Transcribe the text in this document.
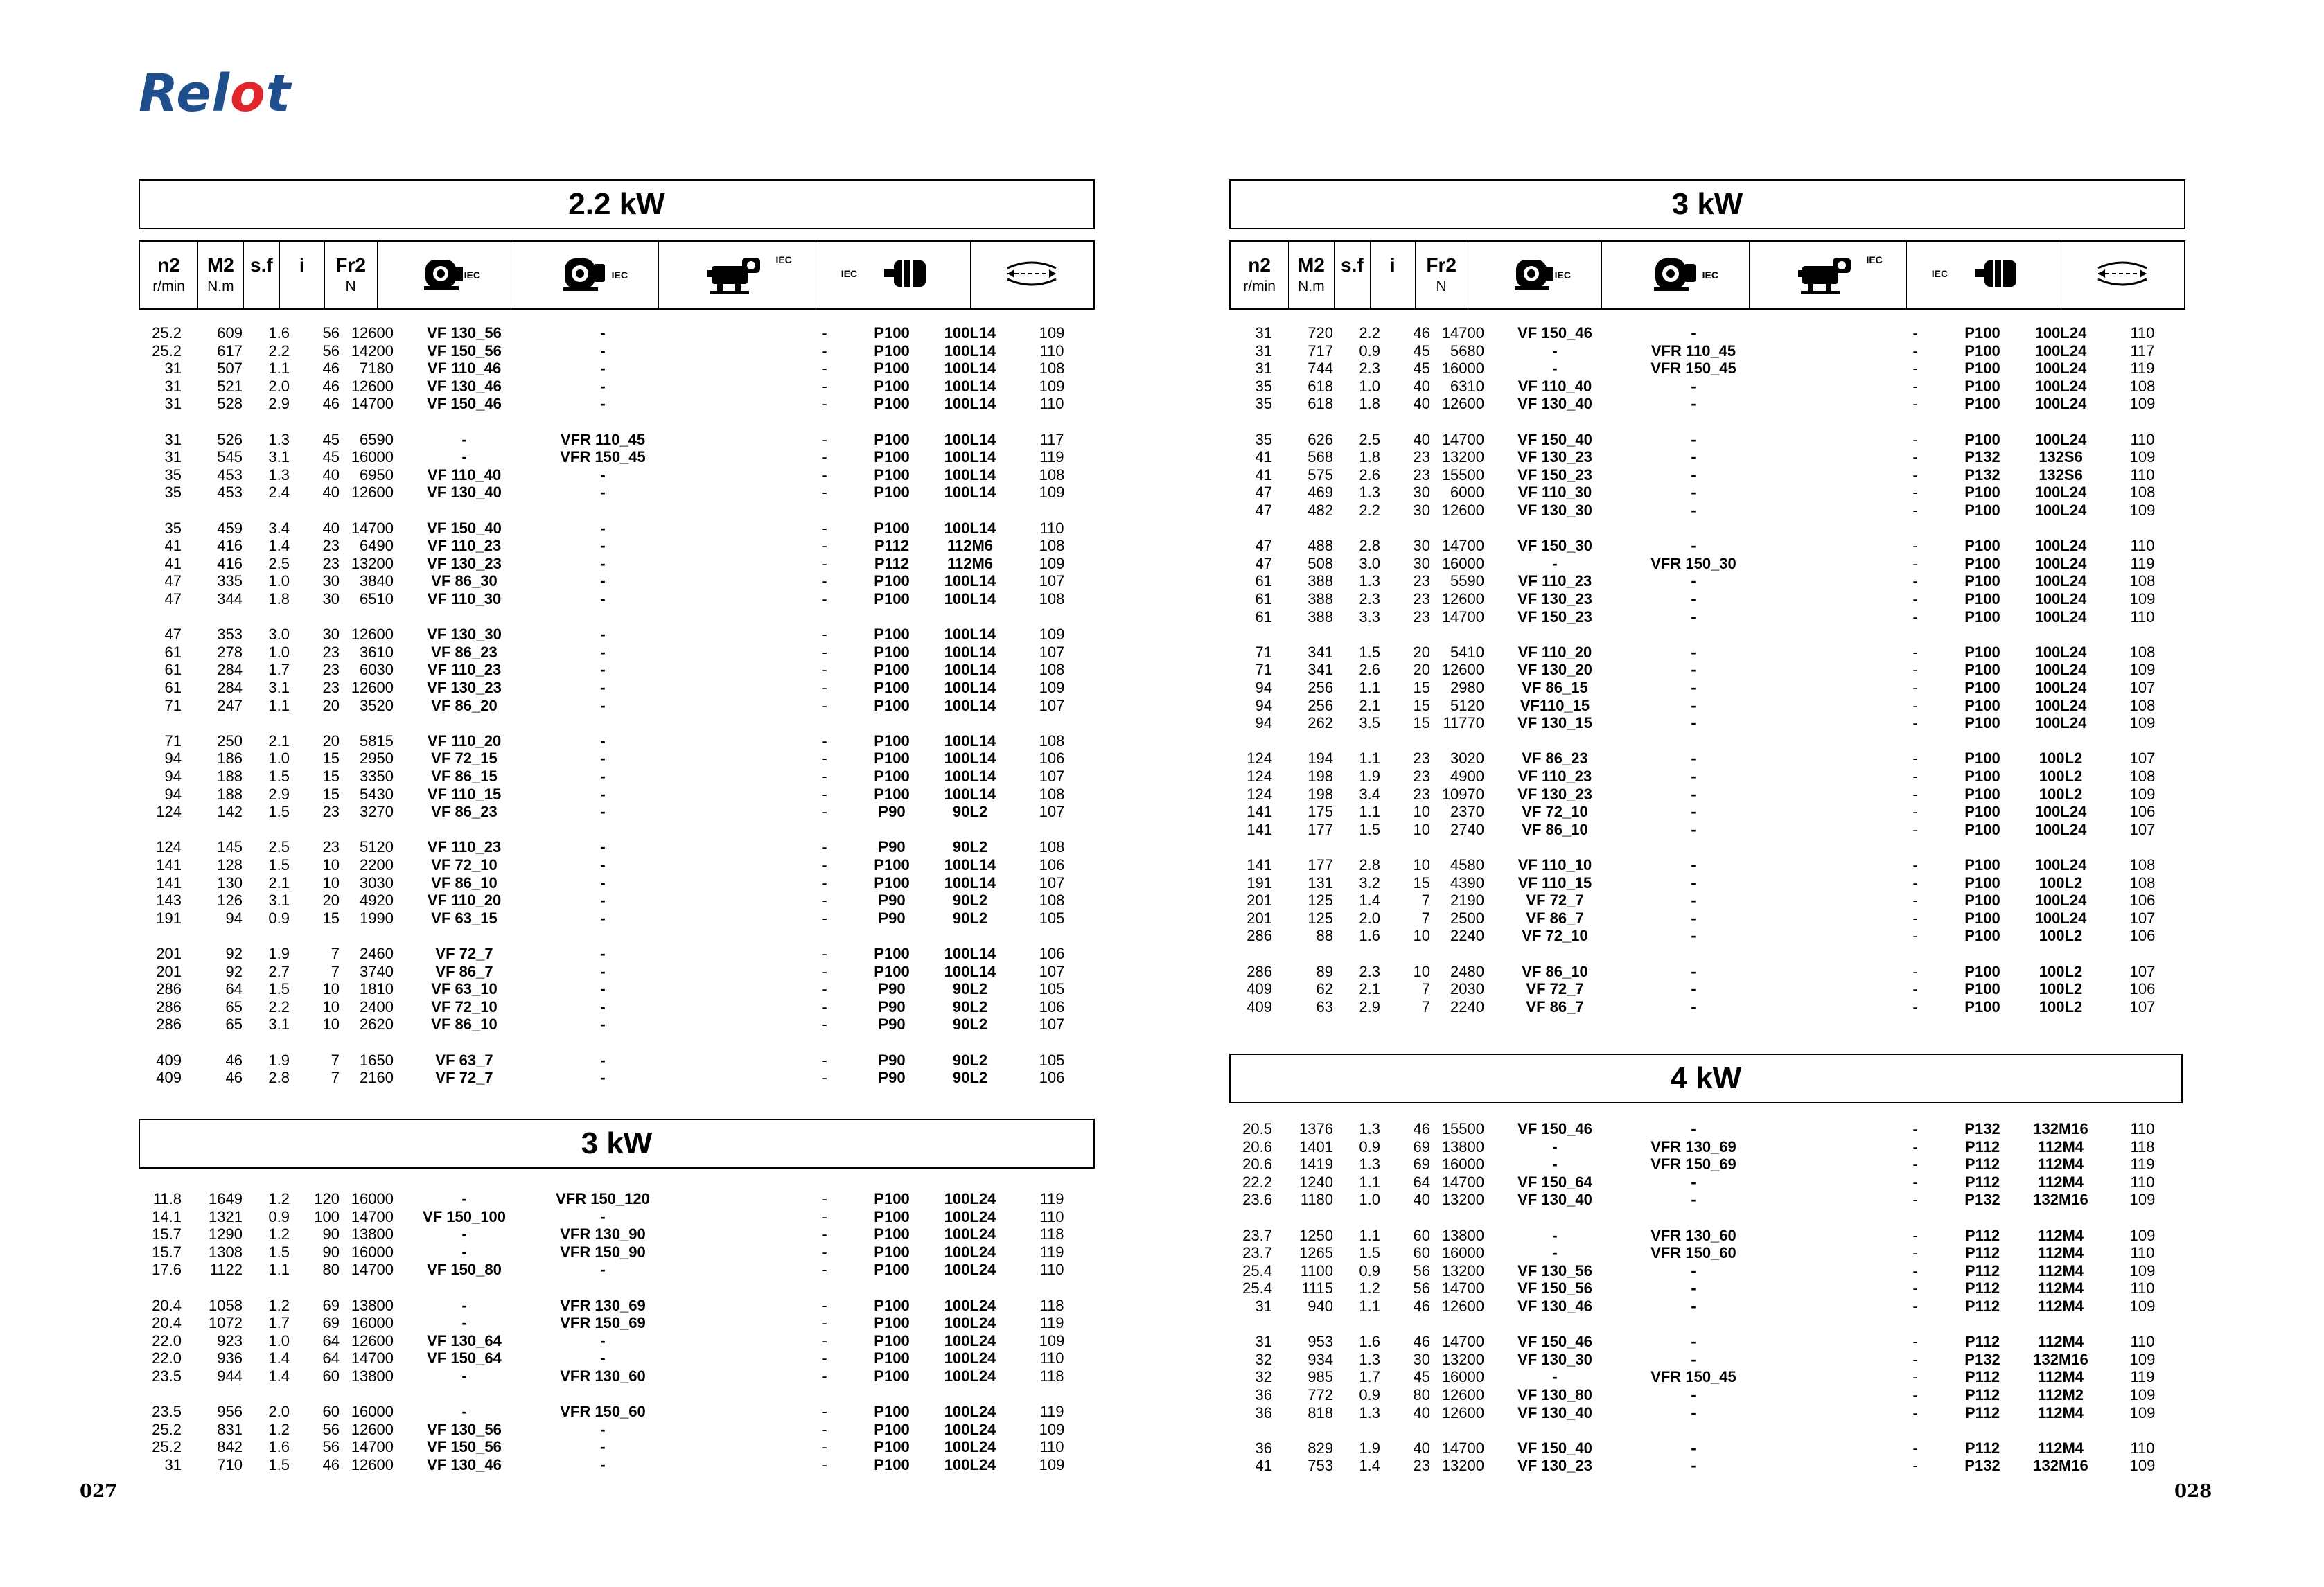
Relot
027	028
2.2 kW
3 kW
3 kW
4 kW
n2
r/min
M2
N.m
s.f
i
Fr2
N
IEC	IEC
IEC
IEC	n2
r/min
M2
N.m
s.f
i
Fr2
N
IEC	IEC
IEC
IEC
25.2	609	1.6	56 12600	VF 130_56	-	-	P100	100L14	109
25.2	617	2.2	56 14200	VF 150_56	-	-	P100	100L14	110
31	507	1.1	46	7180	VF 110_46	-	-	P100	100L14	108
31	521	2.0	46 12600	VF 130_46	-	-	P100	100L14	109
31	528	2.9	46 14700	VF 150_46	-	-	P100	100L14	110
31	526	1.3	45	6590	-	VFR 110_45	-	P100	100L14	117
31	545	3.1	45 16000	-	VFR 150_45	-	P100	100L14	119
35	453	1.3	40	6950	VF 110_40	-	-	P100	100L14	108
35	453	2.4	40 12600	VF 130_40	-	-	P100	100L14	109
35	459	3.4	40 14700	VF 150_40	-	-	P100	100L14	110
41	416	1.4	23	6490	VF 110_23	-	-	P112	112M6	108
41	416	2.5	23 13200	VF 130_23	-	-	P112	112M6	109
47	335	1.0	30	3840	VF 86_30	-	-	P100	100L14	107
47	344	1.8	30	6510	VF 110_30	-	-	P100	100L14	108
47	353	3.0	30 12600	VF 130_30	-	-	P100	100L14	109
61	278	1.0	23	3610	VF 86_23	-	-	P100	100L14	107
61	284	1.7	23	6030	VF 110_23	-	-	P100	100L14	108
61	284	3.1	23 12600	VF 130_23	-	-	P100	100L14	109
71	247	1.1	20	3520	VF 86_20	-	-	P100	100L14	107
71	250	2.1	20	5815	VF 110_20	-	-	P100	100L14	108
94	186	1.0	15	2950	VF 72_15	-	-	P100	100L14	106
94	188	1.5	15	3350	VF 86_15	-	-	P100	100L14	107
94	188	2.9	15	5430	VF 110_15	-	-	P100	100L14	108
124	142	1.5	23	3270	VF 86_23	-	-	P90	90L2	107
124	145	2.5	23	5120	VF 110_23	-	-	P90	90L2	108
141	128	1.5	10	2200	VF 72_10	-	-	P100	100L14	106
141	130	2.1	10	3030	VF 86_10	-	-	P100	100L14	107
143	126	3.1	20	4920	VF 110_20	-	-	P90	90L2	108
191	94	0.9	15	1990	VF 63_15	-	-	P90	90L2	105
201	92	1.9	7	2460	VF 72_7	-	-	P100	100L14	106
201	92	2.7	7	3740	VF 86_7	-	-	P100	100L14	107
286	64	1.5	10	1810	VF 63_10	-	-	P90	90L2	105
286	65	2.2	10	2400	VF 72_10	-	-	P90	90L2	106
286	65	3.1	10	2620	VF 86_10	-	-	P90	90L2	107
409	46	1.9	7	1650	VF 63_7	-	-	P90	90L2	105
409	46	2.8	7	2160	VF 72_7	-	-	P90	90L2	106
11.8	1649	1.2	120 16000	-	VFR 150_120	-	P100	100L24	119
14.1	1321	0.9	100 14700	VF 150_100	-	-	P100	100L24	110
15.7	1290	1.2	90 13800	-	VFR 130_90	-	P100	100L24	118
15.7	1308	1.5	90 16000	-	VFR 150_90	-	P100	100L24	119
17.6	1122	1.1	80 14700	VF 150_80	-	-	P100	100L24	110
20.4	1058	1.2	69 13800	-	VFR 130_69	-	P100	100L24	118
20.4	1072	1.7	69 16000	-	VFR 150_69	-	P100	100L24	119
22.0	923	1.0	64 12600	VF 130_64	-	-	P100	100L24	109
22.0	936	1.4	64 14700	VF 150_64	-	-	P100	100L24	110
23.5	944	1.4	60 13800	-	VFR 130_60	-	P100	100L24	118
23.5	956	2.0	60 16000	-	VFR 150_60	-	P100	100L24	119
25.2	831	1.2	56 12600	VF 130_56	-	-	P100	100L24	109
25.2	842	1.6	56 14700	VF 150_56	-	-	P100	100L24	110
31	710	1.5	46 12600	VF 130_46	-	-	P100	100L24	109
31	720	2.2	46 14700	VF 150_46	-	-	P100	100L24	110
31	717	0.9	45	5680	-	VFR 110_45	-	P100	100L24	117
31	744	2.3	45 16000	-	VFR 150_45	-	P100	100L24	119
35	618	1.0	40	6310	VF 110_40	-	-	P100	100L24	108
35	618	1.8	40 12600	VF 130_40	-	-	P100	100L24	109
35	626	2.5	40 14700	VF 150_40	-	-	P100	100L24	110
41	568	1.8	23 13200	VF 130_23	-	-	P132	132S6	109
41	575	2.6	23 15500	VF 150_23	-	-	P132	132S6	110
47	469	1.3	30	6000	VF 110_30	-	-	P100	100L24	108
47	482	2.2	30 12600	VF 130_30	-	-	P100	100L24	109
47	488	2.8	30 14700	VF 150_30	-	-	P100	100L24	110
47	508	3.0	30 16000	-	VFR 150_30	-	P100	100L24	119
61	388	1.3	23	5590	VF 110_23	-	-	P100	100L24	108
61	388	2.3	23 12600	VF 130_23	-	-	P100	100L24	109
61	388	3.3	23 14700	VF 150_23	-	-	P100	100L24	110
71	341	1.5	20	5410	VF 110_20	-	-	P100	100L24	108
71	341	2.6	20 12600	VF 130_20	-	-	P100	100L24	109
94	256	1.1	15	2980	VF 86_15	-	-	P100	100L24	107
94	256	2.1	15	5120	VF110_15	-	-	P100	100L24	108
94	262	3.5	15 11770	VF 130_15	-	-	P100	100L24	109
124	194	1.1	23	3020	VF 86_23	-	-	P100	100L2	107
124	198	1.9	23	4900	VF 110_23	-	-	P100	100L2	108
124	198	3.4	23 10970	VF 130_23	-	-	P100	100L2	109
141	175	1.1	10	2370	VF 72_10	-	-	P100	100L24	106
141	177	1.5	10	2740	VF 86_10	-	-	P100	100L24	107
141	177	2.8	10	4580	VF 110_10	-	-	P100	100L24	108
191	131	3.2	15	4390	VF 110_15	-	-	P100	100L2	108
201	125	1.4	7	2190	VF 72_7	-	-	P100	100L24	106
201	125	2.0	7	2500	VF 86_7	-	-	P100	100L24	107
286	88	1.6	10	2240	VF 72_10	-	-	P100	100L2	106
286	89	2.3	10	2480	VF 86_10	-	-	P100	100L2	107
409	62	2.1	7	2030	VF 72_7	-	-	P100	100L2	106
409	63	2.9	7	2240	VF 86_7	-	-	P100	100L2	107
20.5	1376	1.3	46 15500	VF 150_46	-	-	P132	132M16	110
20.6	1401	0.9	69 13800	-	VFR 130_69	-	P112	112M4	118
20.6	1419	1.3	69 16000	-	VFR 150_69	-	P112	112M4	119
22.2	1240	1.1	64 14700	VF 150_64	-	-	P112	112M4	110
23.6	1180	1.0	40 13200	VF 130_40	-	-	P132	132M16	109
23.7	1250	1.1	60 13800	-	VFR 130_60	-	P112	112M4	109
23.7	1265	1.5	60 16000	-	VFR 150_60	-	P112	112M4	110
25.4	1100	0.9	56 13200	VF 130_56	-	-	P112	112M4	109
25.4	1115	1.2	56 14700	VF 150_56	-	-	P112	112M4	110
31	940	1.1	46 12600	VF 130_46	-	-	P112	112M4	109
31	953	1.6	46 14700	VF 150_46	-	-	P112	112M4	110
32	934	1.3	30 13200	VF 130_30	-	-	P132	132M16	109
32	985	1.7	45 16000	-	VFR 150_45	-	P112	112M4	119
36	772	0.9	80 12600	VF 130_80	-	-	P112	112M2	109
36	818	1.3	40 12600	VF 130_40	-	-	P112	112M4	109
36	829	1.9	40 14700	VF 150_40	-	-	P112	112M4	110
41	753	1.4	23 13200	VF 130_23	-	-	P132	132M16	109
